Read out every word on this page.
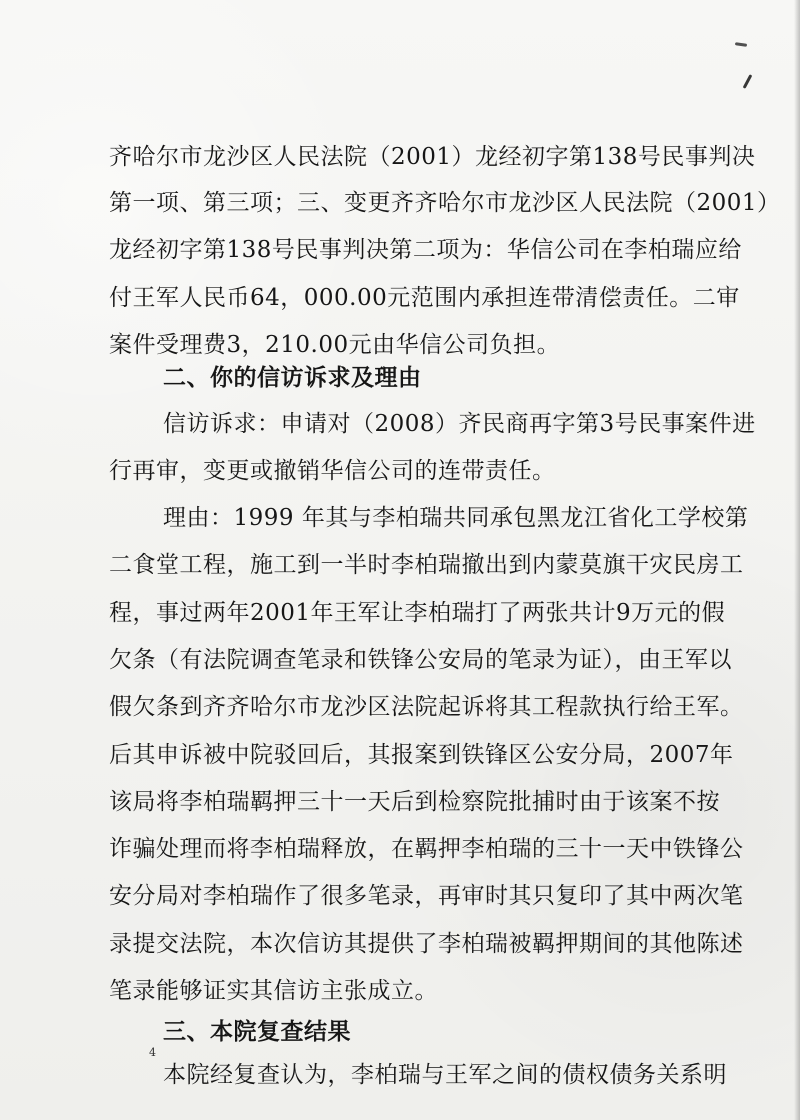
齐哈尔市龙沙区人民法院（2001）龙经初字第138号民事判决
第一项、第三项；三、变更齐齐哈尔市龙沙区人民法院（2001）
龙经初字第138号民事判决第二项为：华信公司在李柏瑞应给
付王军人民币64，000.00元范围内承担连带清偿责任。二审
案件受理费3，210.00元由华信公司负担。
二、你的信访诉求及理由
信访诉求：申请对（2008）齐民商再字第3号民事案件进
行再审，变更或撤销华信公司的连带责任。
理由：1999 年其与李柏瑞共同承包黑龙江省化工学校第
二食堂工程，施工到一半时李柏瑞撤出到内蒙莫旗干灾民房工
程，事过两年2001年王军让李柏瑞打了两张共计9万元的假
欠条（有法院调查笔录和铁锋公安局的笔录为证），由王军以
假欠条到齐齐哈尔市龙沙区法院起诉将其工程款执行给王军。
后其申诉被中院驳回后，其报案到铁锋区公安分局，2007年
该局将李柏瑞羁押三十一天后到检察院批捕时由于该案不按
诈骗处理而将李柏瑞释放，在羁押李柏瑞的三十一天中铁锋公
安分局对李柏瑞作了很多笔录，再审时其只复印了其中两次笔
录提交法院，本次信访其提供了李柏瑞被羁押期间的其他陈述
笔录能够证实其信访主张成立。
三、本院复查结果
本院经复查认为，李柏瑞与王军之间的债权债务关系明
4
